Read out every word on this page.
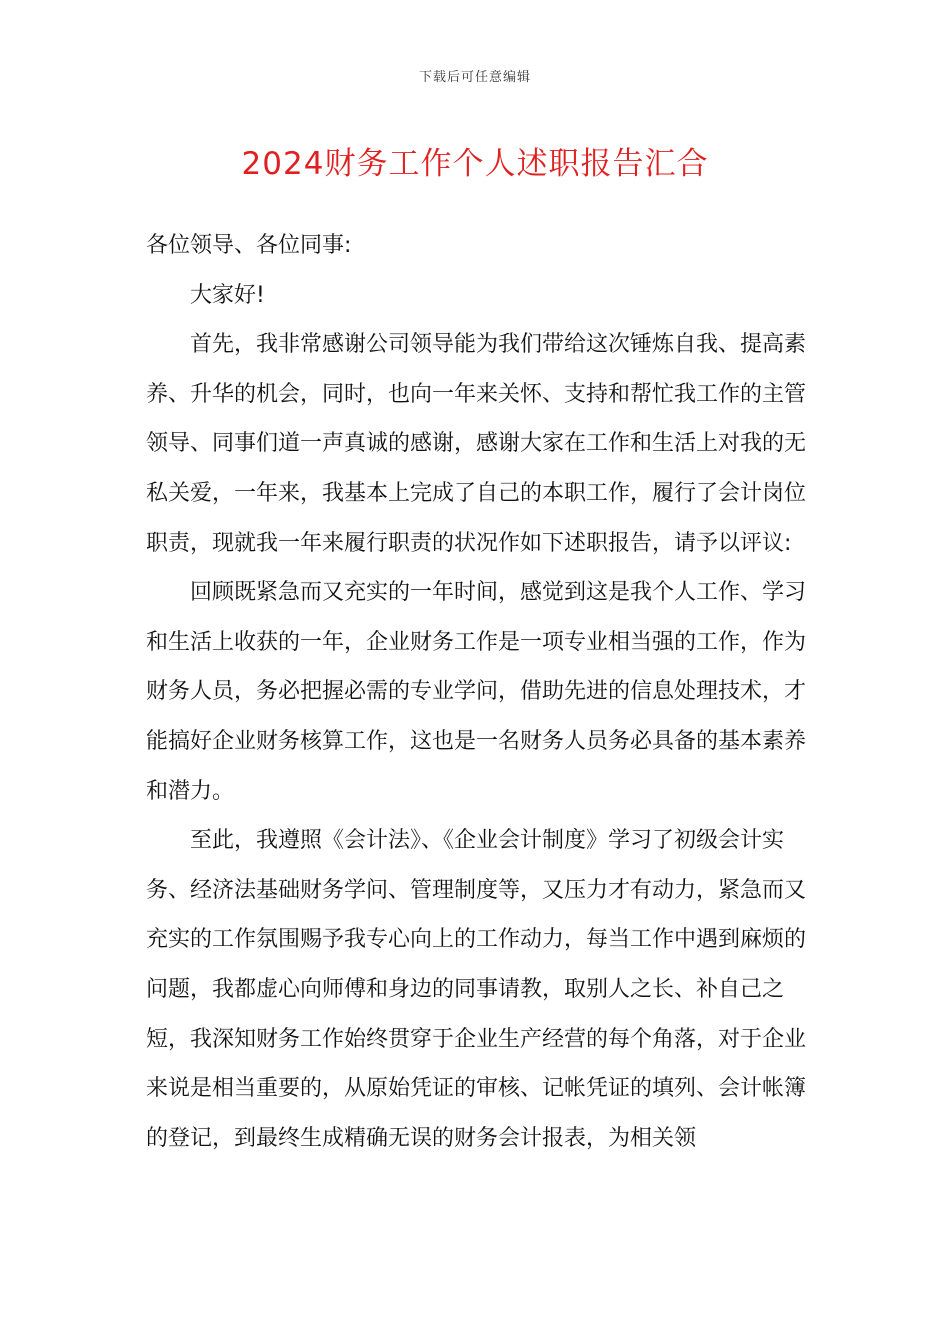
下载后可任意编辑
2024财务工作个人述职报告汇合

各位领导、各位同事:

大家好!

首先，我非常感谢公司领导能为我们带给这次锤炼自我、提高素养、升华的机会，同时，也向一年来关怀、支持和帮忙我工作的主管领导、同事们道一声真诚的感谢，感谢大家在工作和生活上对我的无私关爱，一年来，我基本上完成了自己的本职工作，履行了会计岗位职责，现就我一年来履行职责的状况作如下述职报告，请予以评议:

回顾既紧急而又充实的一年时间，感觉到这是我个人工作、学习和生活上收获的一年，企业财务工作是一项专业相当强的工作，作为财务人员，务必把握必需的专业学问，借助先进的信息处理技术，才能搞好企业财务核算工作，这也是一名财务人员务必具备的基本素养和潜力。

至此，我遵照《会计法》、《企业会计制度》学习了初级会计实务、经济法基础财务学问、管理制度等，又压力才有动力，紧急而又充实的工作氛围赐予我专心向上的工作动力，每当工作中遇到麻烦的问题，我都虚心向师傅和身边的同事请教，取别人之长、补自己之短，我深知财务工作始终贯穿于企业生产经营的每个角落，对于企业来说是相当重要的，从原始凭证的审核、记帐凭证的填列、会计帐簿的登记，到最终生成精确无误的财务会计报表，为相关领
